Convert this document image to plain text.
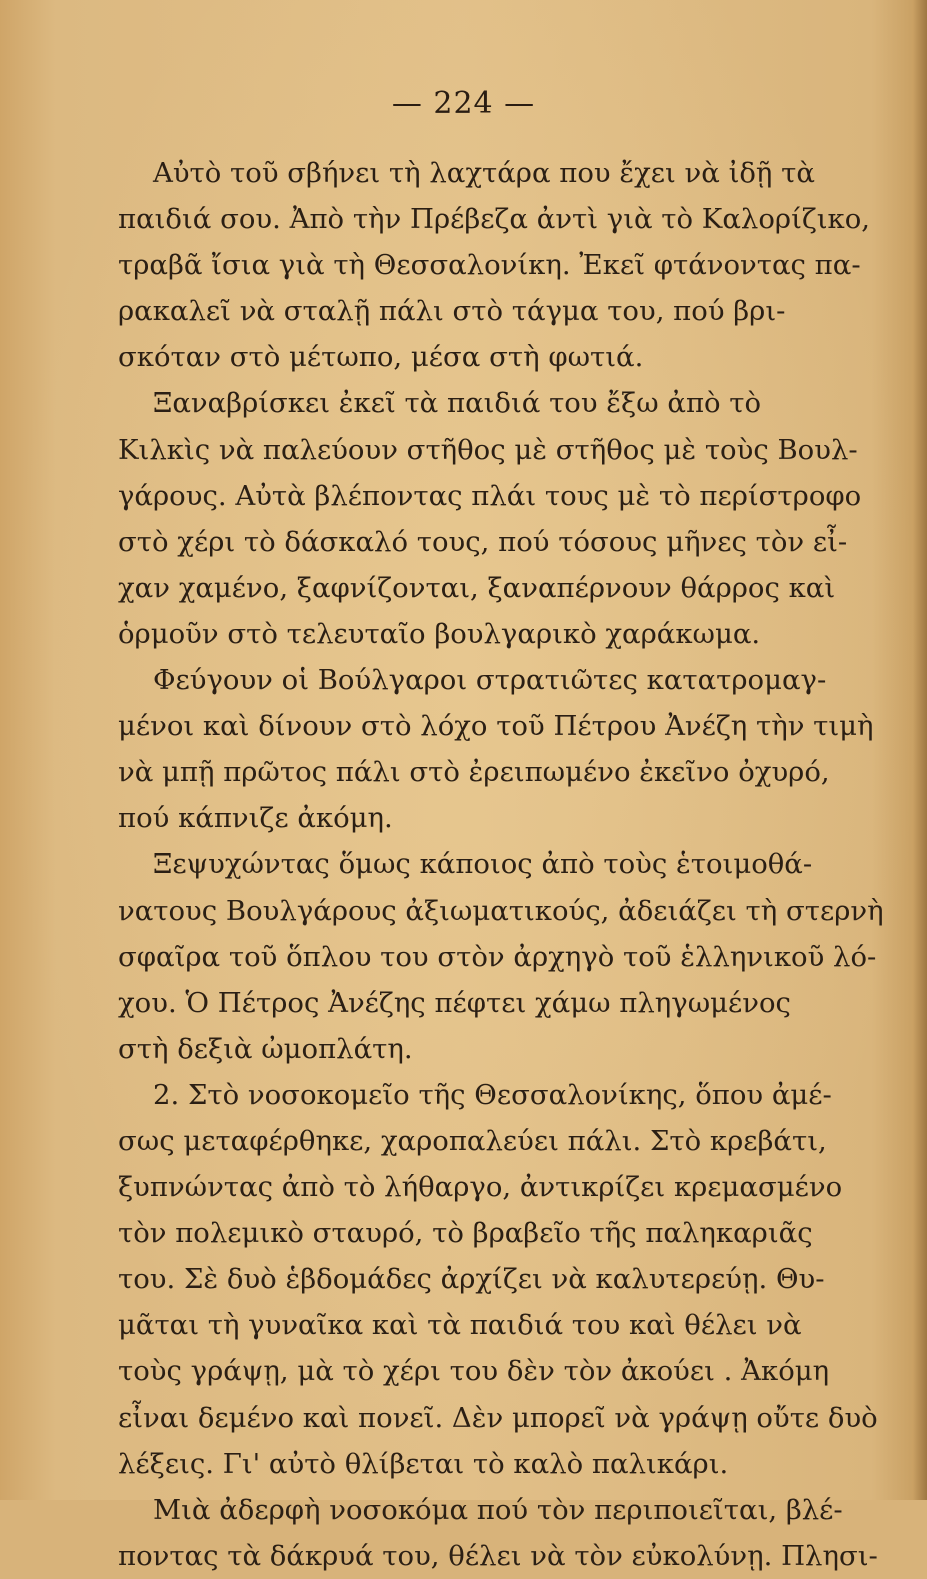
— 224 —
Αὐτὸ τοῦ σβήνει τὴ λαχτάρα που ἔχει νὰ ἰδῇ τὰ
παιδιά σου. Ἀπὸ τὴν Πρέβεζα ἀντὶ γιὰ τὸ Καλορίζικο,
τραβᾶ ἴσια γιὰ τὴ Θεσσαλονίκη. Ἐκεῖ φτάνοντας πα-
ρακαλεῖ νὰ σταλῇ πάλι στὸ τάγμα του, πού βρι-
σκόταν στὸ μέτωπο, μέσα στὴ φωτιά.
Ξαναβρίσκει ἐκεῖ τὰ παιδιά του ἔξω ἀπὸ τὸ
Κιλκὶς νὰ παλεύουν στῆθος μὲ στῆθος μὲ τοὺς Βουλ-
γάρους. Αὐτὰ βλέποντας πλάι τους μὲ τὸ περίστροφο
στὸ χέρι τὸ δάσκαλό τους, πού τόσους μῆνες τὸν εἶ-
χαν χαμένο, ξαφνίζονται, ξαναπέρνουν θάρρος καὶ
ὁρμοῦν στὸ τελευταῖο βουλγαρικὸ χαράκωμα.
Φεύγουν οἱ Βούλγαροι στρατιῶτες κατατρομαγ-
μένοι καὶ δίνουν στὸ λόχο τοῦ Πέτρου Ἀνέζη τὴν τιμὴ
νὰ μπῇ πρῶτος πάλι στὸ ἐρειπωμένο ἐκεῖνο ὀχυρό,
πού κάπνιζε ἀκόμη.
Ξεψυχώντας ὅμως κάποιος ἀπὸ τοὺς ἑτοιμοθά-
νατους Βουλγάρους ἀξιωματικούς, ἀδειάζει τὴ στερνὴ
σφαῖρα τοῦ ὅπλου του στὸν ἀρχηγὸ τοῦ ἑλληνικοῦ λό-
χου. Ὁ Πέτρος Ἀνέζης πέφτει χάμω πληγωμένος
στὴ δεξιὰ ὠμοπλάτη.
2. Στὸ νοσοκομεῖο τῆς Θεσσαλονίκης, ὅπου ἀμέ-
σως μεταφέρθηκε, χαροπαλεύει πάλι. Στὸ κρεβάτι,
ξυπνώντας ἀπὸ τὸ λήθαργο, ἀντικρίζει κρεμασμένο
τὸν πολεμικὸ σταυρό, τὸ βραβεῖο τῆς παληκαριᾶς
του. Σὲ δυὸ ἑβδομάδες ἀρχίζει νὰ καλυτερεύῃ. Θυ-
μᾶται τὴ γυναῖκα καὶ τὰ παιδιά του καὶ θέλει νὰ
τοὺς γράψῃ, μὰ τὸ χέρι του δὲν τὸν ἀκούει . Ἀκόμη
εἶναι δεμένο καὶ πονεῖ. Δὲν μπορεῖ νὰ γράψῃ οὔτε δυὸ
λέξεις. Γι' αὐτὸ θλίβεται τὸ καλὸ παλικάρι.
Μιὰ ἀδερφὴ νοσοκόμα πού τὸν περιποιεῖται, βλέ-
ποντας τὰ δάκρυά του, θέλει νὰ τὸν εὐκολύνῃ. Πλησι-
